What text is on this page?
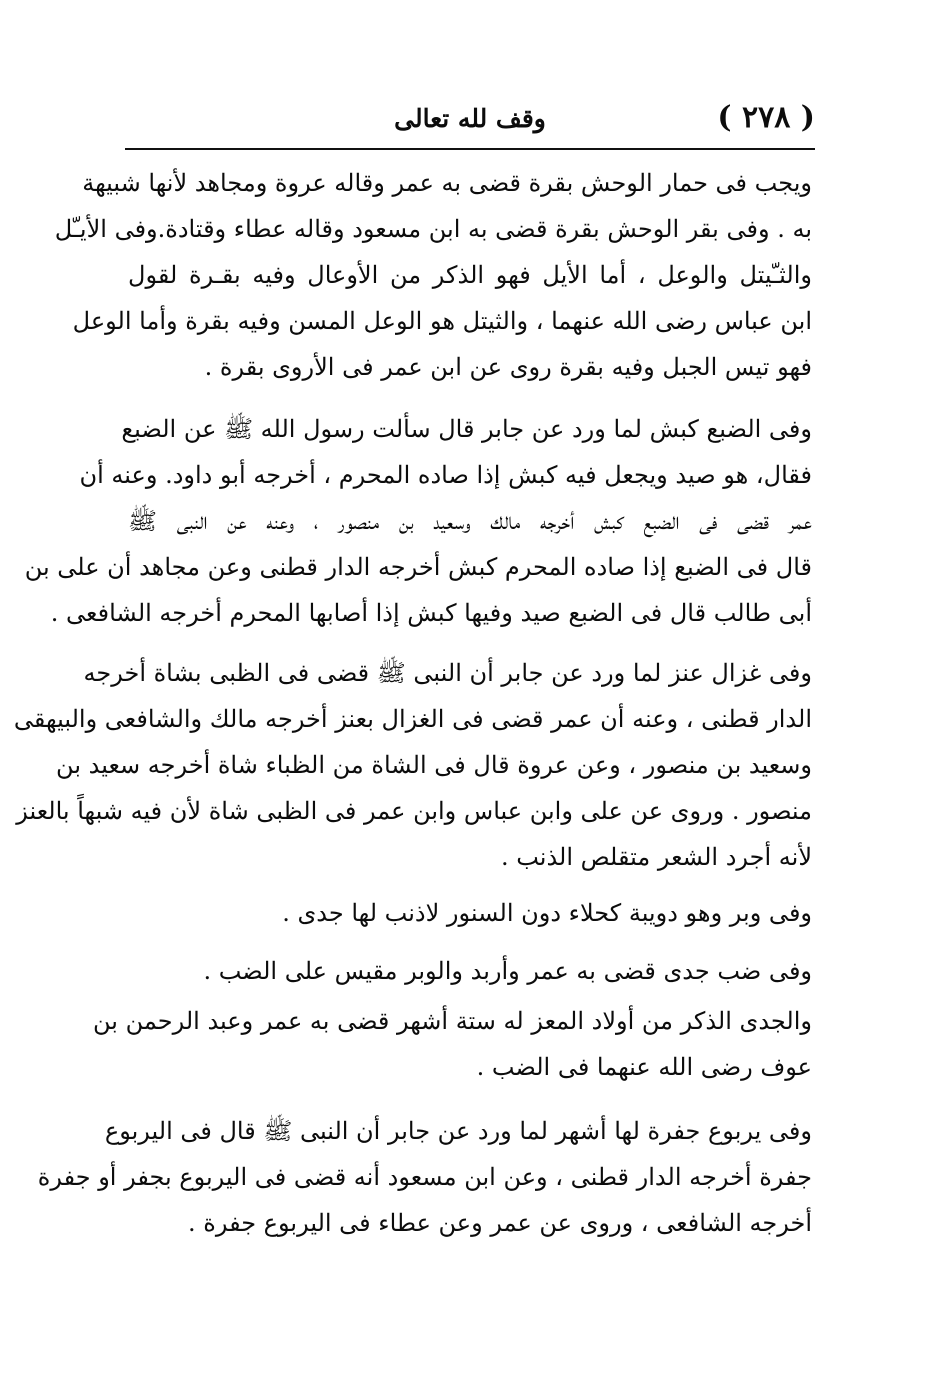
( ٢٧٨ )
وقف لله تعالى
ويجب فى حمار الوحش بقرة قضى به عمر وقاله عروة ومجاهد لأنها شبيهة
به . وفى بقر الوحش بقرة قضى به ابن مسعود وقاله عطاء وقتادة.وفى الأيـّل
والثـّيتل والوعل ، أما الأيل فهو الذكر من الأوعال وفيه بقـرة لقول
ابن عباس رضى الله عنهما ، والثيتل هو الوعل المسن وفيه بقرة وأما الوعل
فهو تيس الجبل وفيه بقرة روى عن ابن عمر فى الأروى بقرة .
وفى الضبع كبش لما ورد عن جابر قال سألت رسول الله ﷺ عن الضبع
فقال، هو صيد ويجعل فيه كبش إذا صاده المحرم ، أخرجه أبو داود. وعنه أن
عمر قضى فى الضبع كبش أخرجه مالك وسعيد بن منصور ، وعنه عن النبى ﷺ
قال فى الضبع إذا صاده المحرم كبش أخرجه الدار قطنى وعن مجاهد أن على بن
أبى طالب قال فى الضبع صيد وفيها كبش إذا أصابها المحرم أخرجه الشافعى .
وفى غزال عنز لما ورد عن جابر أن النبى ﷺ قضى فى الظبى بشاة أخرجه
الدار قطنى ، وعنه أن عمر قضى فى الغزال بعنز أخرجه مالك والشافعى والبيهقى
وسعيد بن منصور ، وعن عروة قال فى الشاة من الظباء شاة أخرجه سعيد بن
منصور . وروى عن على وابن عباس وابن عمر فى الظبى شاة لأن فيه شبهاً بالعنز
لأنه أجرد الشعر متقلص الذنب .
وفى وبر وهو دويبة كحلاء دون السنور لاذنب لها جدى .
وفى ضب جدى قضى به عمر وأربد والوبر مقيس على الضب .
والجدى الذكر من أولاد المعز له ستة أشهر قضى به عمر وعبد الرحمن بن
عوف رضى الله عنهما فى الضب .
وفى يربوع جفرة لها أشهر لما ورد عن جابر أن النبى ﷺ قال فى اليربوع
جفرة أخرجه الدار قطنى ، وعن ابن مسعود أنه قضى فى اليربوع بجفر أو جفرة
أخرجه الشافعى ، وروى عن عمر وعن عطاء فى اليربوع جفرة .
